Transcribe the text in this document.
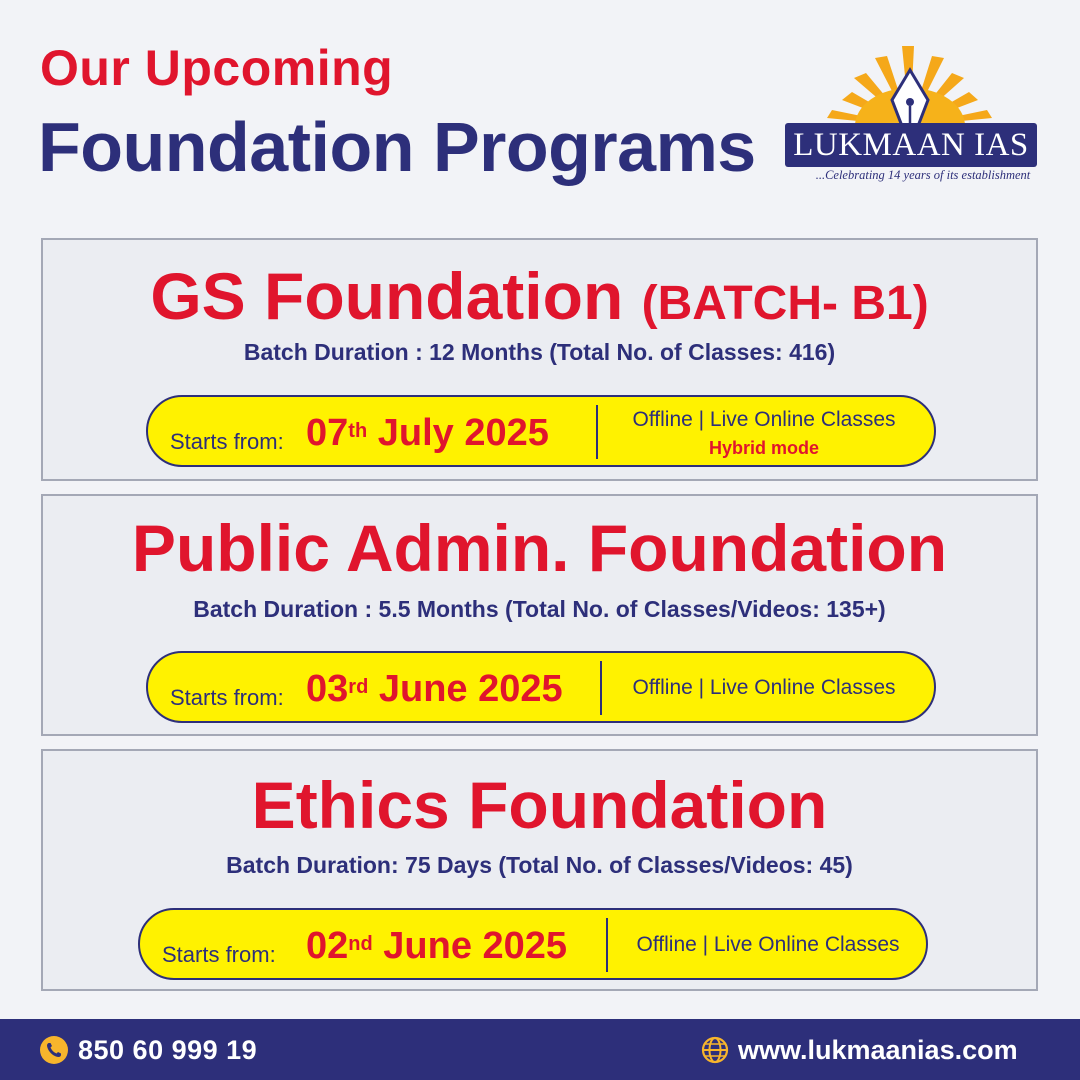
Our Upcoming
Foundation Programs LUKMAAN IAS
...Celebrating 14 years of its establishment
GS Foundation (BATCH- B1)
Batch Duration : 12 Months (Total No. of Classes: 416)
Starts from: 07th July 2025	Offline | Live Online Classes
Hybrid mode
Public Admin. Foundation
Batch Duration : 5.5 Months (Total No. of Classes/Videos: 135+)
Starts from: 03rd June 2025	Offline | Live Online Classes
Ethics Foundation
Batch Duration: 75 Days (Total No. of Classes/Videos: 45)
Starts from: 02nd June 2025	Offline | Live Online Classes
850 60 999 19	www.lukmaanias.com
